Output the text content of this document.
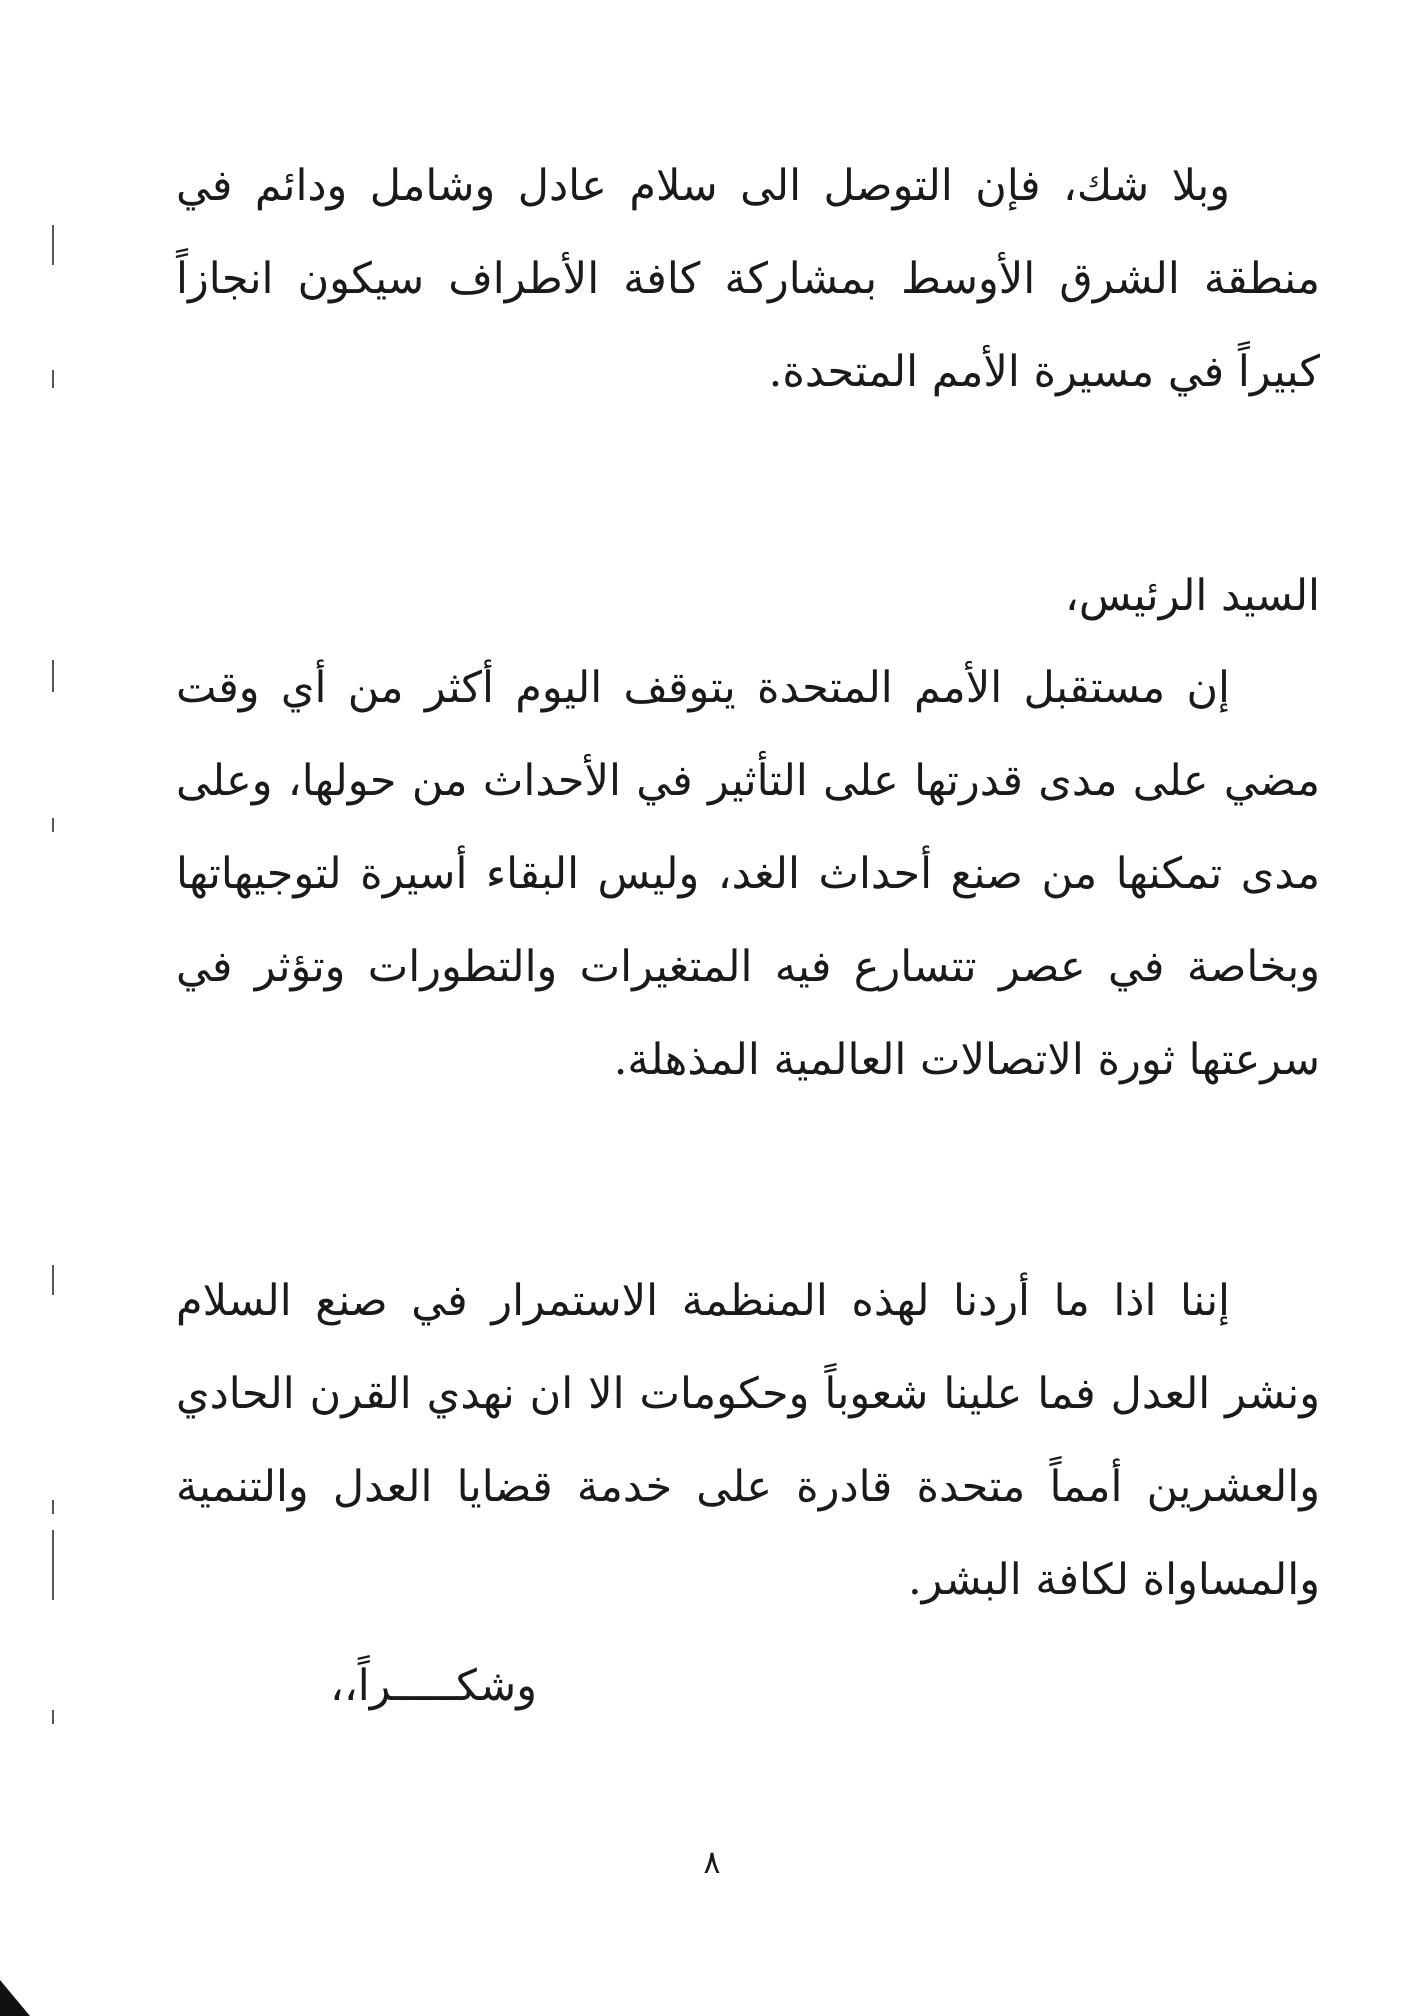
وبلا شك، فإن التوصل الى سلام عادل وشامل ودائم في منطقة الشرق الأوسط بمشاركة كافة الأطراف سيكون انجازاً كبيراً في مسيرة الأمم المتحدة.

السيد الرئيس،

إن مستقبل الأمم المتحدة يتوقف اليوم أكثر من أي وقت مضي على مدى قدرتها على التأثير في الأحداث من حولها، وعلى مدى تمكنها من صنع أحداث الغد، وليس البقاء أسيرة لتوجيهاتها وبخاصة في عصر تتسارع فيه المتغيرات والتطورات وتؤثر في سرعتها ثورة الاتصالات العالمية المذهلة.

إننا اذا ما أردنا لهذه المنظمة الاستمرار في صنع السلام ونشر العدل فما علينا شعوباً وحكومات الا ان نهدي القرن الحادي والعشرين أمماً متحدة قادرة على خدمة قضايا العدل والتنمية والمساواة لكافة البشر.

وشكـــــراً،،
٨
